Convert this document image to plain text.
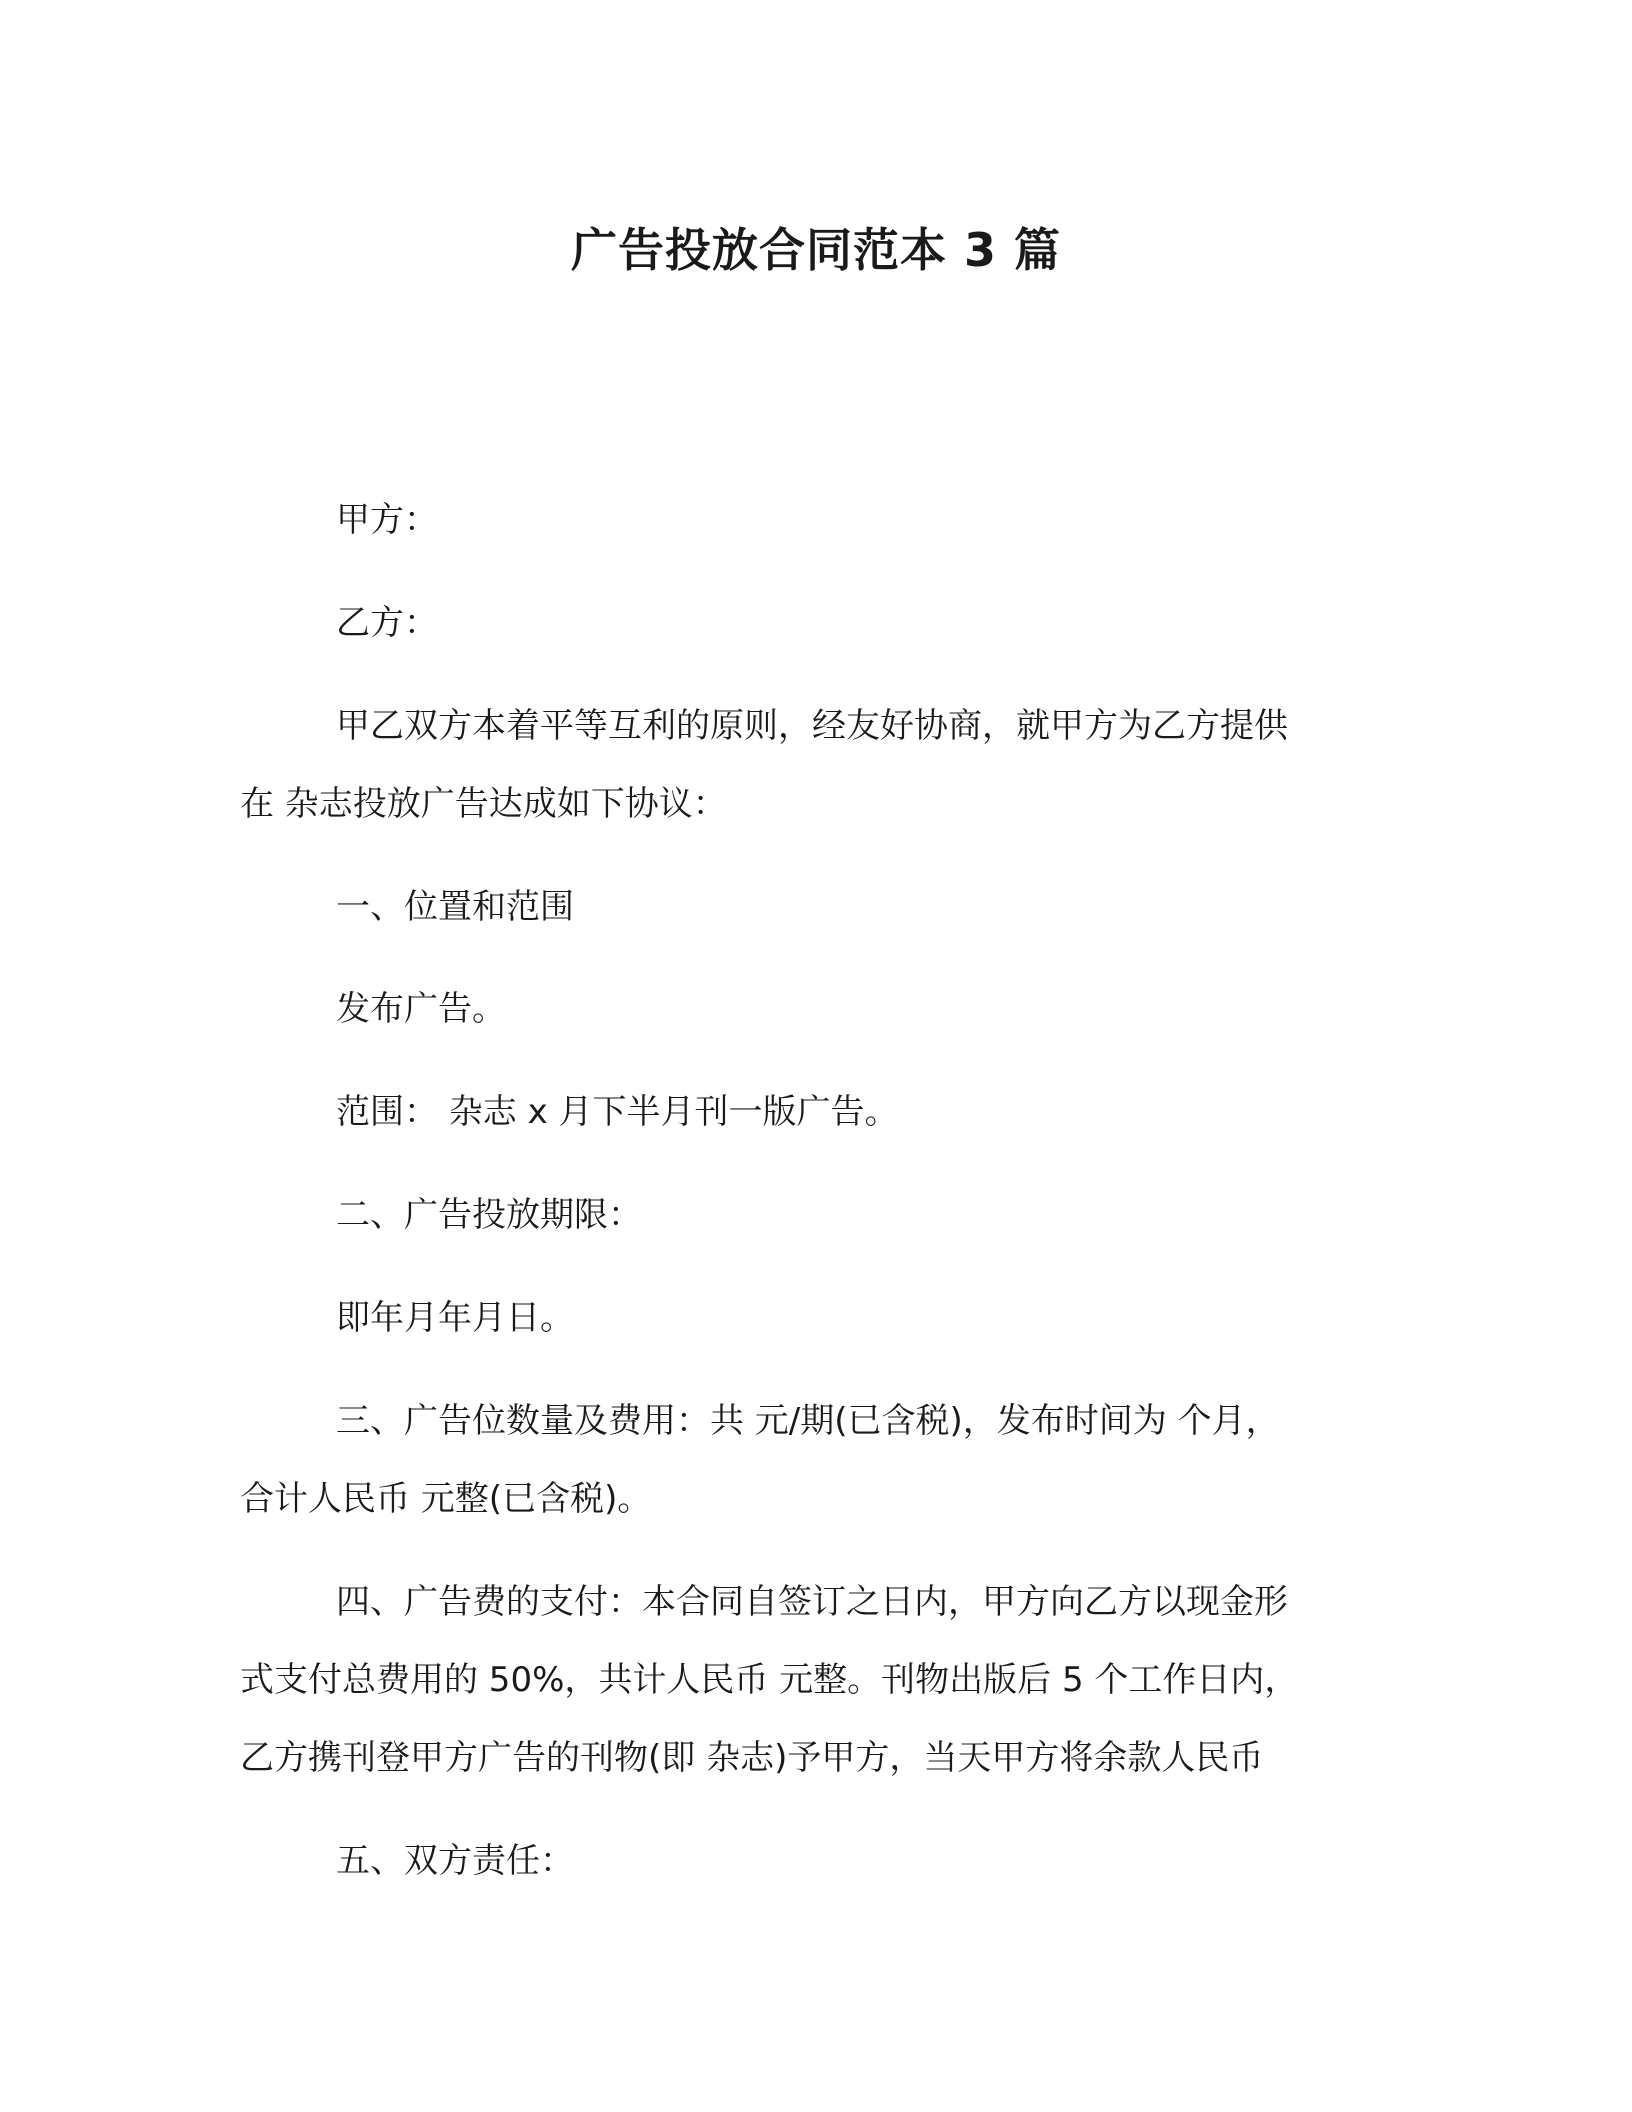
广告投放合同范本 3 篇
甲方：
乙方：
甲乙双方本着平等互利的原则，经友好协商，就甲方为乙方提供
在 杂志投放广告达成如下协议：
一、位置和范围
发布广告。
范围： 杂志 x 月下半月刊一版广告。
二、广告投放期限：
即年月年月日。
三、广告位数量及费用：共 元/期(已含税)，发布时间为 个月，
合计人民币 元整(已含税)。
四、广告费的支付：本合同自签订之日内，甲方向乙方以现金形
式支付总费用的 50%，共计人民币 元整。刊物出版后 5 个工作日内，
乙方携刊登甲方广告的刊物(即 杂志)予甲方，当天甲方将余款人民币
五、双方责任：
